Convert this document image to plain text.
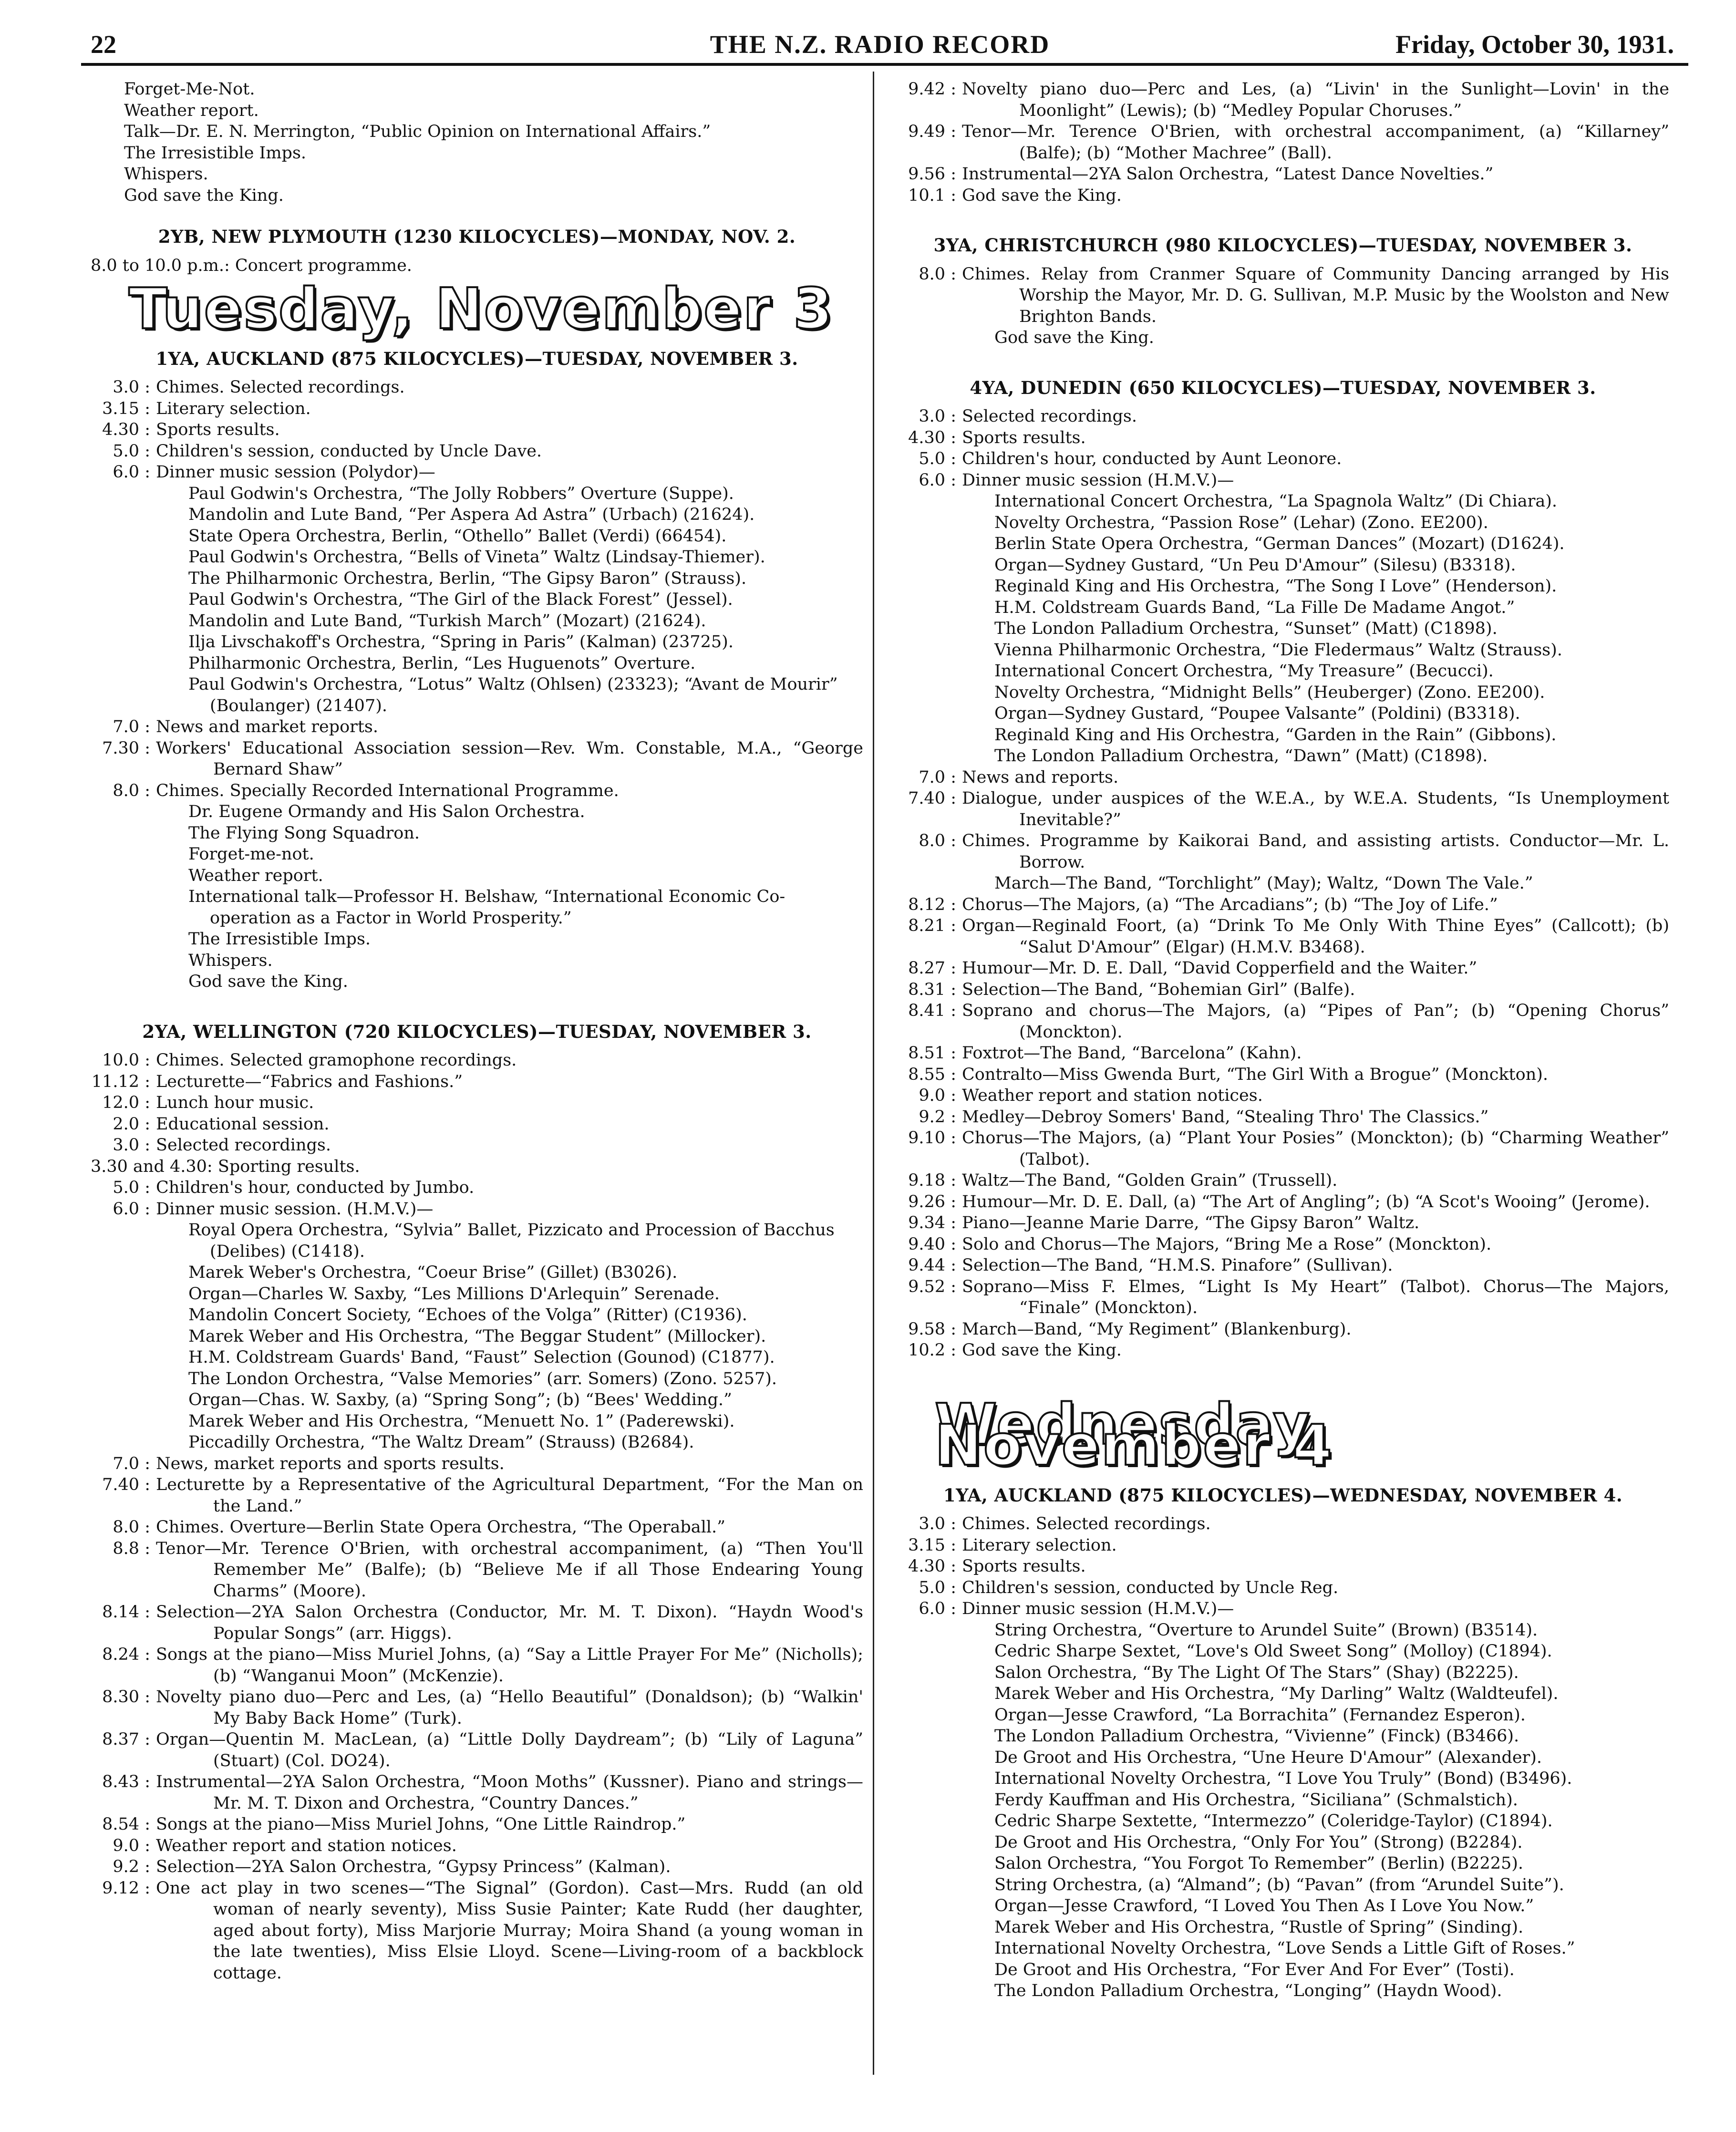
22	THE N.Z. RADIO RECORD	Friday, October 30, 1931.
Forget-Me-Not.
Weather report.
Talk—Dr. E. N. Merrington, “Public Opinion on International Affairs.”
The Irresistible Imps.
Whispers.
God save the King.
2YB, NEW PLYMOUTH (1230 KILOCYCLES)—MONDAY, NOV. 2.
8.0 to 10.0 p.m.: Concert programme.
Tuesday, November 3
1YA, AUCKLAND (875 KILOCYCLES)—TUESDAY, NOVEMBER 3.
3.0 : Chimes. Selected recordings.
3.15 : Literary selection.
4.30 : Sports results.
5.0 : Children's session, conducted by Uncle Dave.
6.0 : Dinner music session (Polydor)—
Paul Godwin's Orchestra, “The Jolly Robbers” Overture (Suppe).
Mandolin and Lute Band, “Per Aspera Ad Astra” (Urbach) (21624).
State Opera Orchestra, Berlin, “Othello” Ballet (Verdi) (66454).
Paul Godwin's Orchestra, “Bells of Vineta” Waltz (Lindsay-Thiemer).
The Philharmonic Orchestra, Berlin, “The Gipsy Baron” (Strauss).
Paul Godwin's Orchestra, “The Girl of the Black Forest” (Jessel).
Mandolin and Lute Band, “Turkish March” (Mozart) (21624).
Ilja Livschakoff's Orchestra, “Spring in Paris” (Kalman) (23725).
Philharmonic Orchestra, Berlin, “Les Huguenots” Overture.
Paul Godwin's Orchestra, “Lotus” Waltz (Ohlsen) (23323); “Avant de Mourir” (Boulanger) (21407).
7.0 : News and market reports.
7.30 : Workers' Educational Association session—Rev. Wm. Constable, M.A., “George Bernard Shaw”
8.0 : Chimes. Specially Recorded International Programme.
Dr. Eugene Ormandy and His Salon Orchestra.
The Flying Song Squadron.
Forget-me-not.
Weather report.
International talk—Professor H. Belshaw, “International Economic Co-operation as a Factor in World Prosperity.”
The Irresistible Imps.
Whispers.
God save the King.
2YA, WELLINGTON (720 KILOCYCLES)—TUESDAY, NOVEMBER 3.
10.0 : Chimes. Selected gramophone recordings.
11.12 : Lecturette—“Fabrics and Fashions.”
12.0 : Lunch hour music.
2.0 : Educational session.
3.0 : Selected recordings.
3.30 and 4.30: Sporting results.
5.0 : Children's hour, conducted by Jumbo.
6.0 : Dinner music session. (H.M.V.)—
Royal Opera Orchestra, “Sylvia” Ballet, Pizzicato and Procession of Bacchus (Delibes) (C1418).
Marek Weber's Orchestra, “Coeur Brise” (Gillet) (B3026).
Organ—Charles W. Saxby, “Les Millions D'Arlequin” Serenade.
Mandolin Concert Society, “Echoes of the Volga” (Ritter) (C1936).
Marek Weber and His Orchestra, “The Beggar Student” (Millocker).
H.M. Coldstream Guards' Band, “Faust” Selection (Gounod) (C1877).
The London Orchestra, “Valse Memories” (arr. Somers) (Zono. 5257).
Organ—Chas. W. Saxby, (a) “Spring Song”; (b) “Bees' Wedding.”
Marek Weber and His Orchestra, “Menuett No. 1” (Paderewski).
Piccadilly Orchestra, “The Waltz Dream” (Strauss) (B2684).
7.0 : News, market reports and sports results.
7.40 : Lecturette by a Representative of the Agricultural Department, “For the Man on the Land.”
8.0 : Chimes. Overture—Berlin State Opera Orchestra, “The Operaball.”
8.8 : Tenor—Mr. Terence O'Brien, with orchestral accompaniment, (a) “Then You'll Remember Me” (Balfe); (b) “Believe Me if all Those Endearing Young Charms” (Moore).
8.14 : Selection—2YA Salon Orchestra (Conductor, Mr. M. T. Dixon). “Haydn Wood's Popular Songs” (arr. Higgs).
8.24 : Songs at the piano—Miss Muriel Johns, (a) “Say a Little Prayer For Me” (Nicholls); (b) “Wanganui Moon” (McKenzie).
8.30 : Novelty piano duo—Perc and Les, (a) “Hello Beautiful” (Donaldson); (b) “Walkin' My Baby Back Home” (Turk).
8.37 : Organ—Quentin M. MacLean, (a) “Little Dolly Daydream”; (b) “Lily of Laguna” (Stuart) (Col. DO24).
8.43 : Instrumental—2YA Salon Orchestra, “Moon Moths” (Kussner). Piano and strings—Mr. M. T. Dixon and Orchestra, “Country Dances.”
8.54 : Songs at the piano—Miss Muriel Johns, “One Little Raindrop.”
9.0 : Weather report and station notices.
9.2 : Selection—2YA Salon Orchestra, “Gypsy Princess” (Kalman).
9.12 : One act play in two scenes—“The Signal” (Gordon). Cast—Mrs. Rudd (an old woman of nearly seventy), Miss Susie Painter; Kate Rudd (her daughter, aged about forty), Miss Marjorie Murray; Moira Shand (a young woman in the late twenties), Miss Elsie Lloyd. Scene—Living-room of a backblock cottage.
9.42 : Novelty piano duo—Perc and Les, (a) “Livin' in the Sunlight—Lovin' in the Moonlight” (Lewis); (b) “Medley Popular Choruses.”
9.49 : Tenor—Mr. Terence O'Brien, with orchestral accompaniment, (a) “Killarney” (Balfe); (b) “Mother Machree” (Ball).
9.56 : Instrumental—2YA Salon Orchestra, “Latest Dance Novelties.”
10.1 : God save the King.
3YA, CHRISTCHURCH (980 KILOCYCLES)—TUESDAY, NOVEMBER 3.
8.0 : Chimes. Relay from Cranmer Square of Community Dancing arranged by His Worship the Mayor, Mr. D. G. Sullivan, M.P. Music by the Woolston and New Brighton Bands.
God save the King.
4YA, DUNEDIN (650 KILOCYCLES)—TUESDAY, NOVEMBER 3.
3.0 : Selected recordings.
4.30 : Sports results.
5.0 : Children's hour, conducted by Aunt Leonore.
6.0 : Dinner music session (H.M.V.)—
International Concert Orchestra, “La Spagnola Waltz” (Di Chiara).
Novelty Orchestra, “Passion Rose” (Lehar) (Zono. EE200).
Berlin State Opera Orchestra, “German Dances” (Mozart) (D1624).
Organ—Sydney Gustard, “Un Peu D'Amour” (Silesu) (B3318).
Reginald King and His Orchestra, “The Song I Love” (Henderson).
H.M. Coldstream Guards Band, “La Fille De Madame Angot.”
The London Palladium Orchestra, “Sunset” (Matt) (C1898).
Vienna Philharmonic Orchestra, “Die Fledermaus” Waltz (Strauss).
International Concert Orchestra, “My Treasure” (Becucci).
Novelty Orchestra, “Midnight Bells” (Heuberger) (Zono. EE200).
Organ—Sydney Gustard, “Poupee Valsante” (Poldini) (B3318).
Reginald King and His Orchestra, “Garden in the Rain” (Gibbons).
The London Palladium Orchestra, “Dawn” (Matt) (C1898).
7.0 : News and reports.
7.40 : Dialogue, under auspices of the W.E.A., by W.E.A. Students, “Is Unemployment Inevitable?”
8.0 : Chimes. Programme by Kaikorai Band, and assisting artists. Conductor—Mr. L. Borrow.
March—The Band, “Torchlight” (May); Waltz, “Down The Vale.”
8.12 : Chorus—The Majors, (a) “The Arcadians”; (b) “The Joy of Life.”
8.21 : Organ—Reginald Foort, (a) “Drink To Me Only With Thine Eyes” (Callcott); (b) “Salut D'Amour” (Elgar) (H.M.V. B3468).
8.27 : Humour—Mr. D. E. Dall, “David Copperfield and the Waiter.”
8.31 : Selection—The Band, “Bohemian Girl” (Balfe).
8.41 : Soprano and chorus—The Majors, (a) “Pipes of Pan”; (b) “Opening Chorus” (Monckton).
8.51 : Foxtrot—The Band, “Barcelona” (Kahn).
8.55 : Contralto—Miss Gwenda Burt, “The Girl With a Brogue” (Monckton).
9.0 : Weather report and station notices.
9.2 : Medley—Debroy Somers' Band, “Stealing Thro' The Classics.”
9.10 : Chorus—The Majors, (a) “Plant Your Posies” (Monckton); (b) “Charming Weather” (Talbot).
9.18 : Waltz—The Band, “Golden Grain” (Trussell).
9.26 : Humour—Mr. D. E. Dall, (a) “The Art of Angling”; (b) “A Scot's Wooing” (Jerome).
9.34 : Piano—Jeanne Marie Darre, “The Gipsy Baron” Waltz.
9.40 : Solo and Chorus—The Majors, “Bring Me a Rose” (Monckton).
9.44 : Selection—The Band, “H.M.S. Pinafore” (Sullivan).
9.52 : Soprano—Miss F. Elmes, “Light Is My Heart” (Talbot). Chorus—The Majors, “Finale” (Monckton).
9.58 : March—Band, “My Regiment” (Blankenburg).
10.2 : God save the King.
Wednesday, November 4
1YA, AUCKLAND (875 KILOCYCLES)—WEDNESDAY, NOVEMBER 4.
3.0 : Chimes. Selected recordings.
3.15 : Literary selection.
4.30 : Sports results.
5.0 : Children's session, conducted by Uncle Reg.
6.0 : Dinner music session (H.M.V.)—
String Orchestra, “Overture to Arundel Suite” (Brown) (B3514).
Cedric Sharpe Sextet, “Love's Old Sweet Song” (Molloy) (C1894).
Salon Orchestra, “By The Light Of The Stars” (Shay) (B2225).
Marek Weber and His Orchestra, “My Darling” Waltz (Waldteufel).
Organ—Jesse Crawford, “La Borrachita” (Fernandez Esperon).
The London Palladium Orchestra, “Vivienne” (Finck) (B3466).
De Groot and His Orchestra, “Une Heure D'Amour” (Alexander).
International Novelty Orchestra, “I Love You Truly” (Bond) (B3496).
Ferdy Kauffman and His Orchestra, “Siciliana” (Schmalstich).
Cedric Sharpe Sextette, “Intermezzo” (Coleridge-Taylor) (C1894).
De Groot and His Orchestra, “Only For You” (Strong) (B2284).
Salon Orchestra, “You Forgot To Remember” (Berlin) (B2225).
String Orchestra, (a) “Almand”; (b) “Pavan” (from “Arundel Suite”).
Organ—Jesse Crawford, “I Loved You Then As I Love You Now.”
Marek Weber and His Orchestra, “Rustle of Spring” (Sinding).
International Novelty Orchestra, “Love Sends a Little Gift of Roses.”
De Groot and His Orchestra, “For Ever And For Ever” (Tosti).
The London Palladium Orchestra, “Longing” (Haydn Wood).
